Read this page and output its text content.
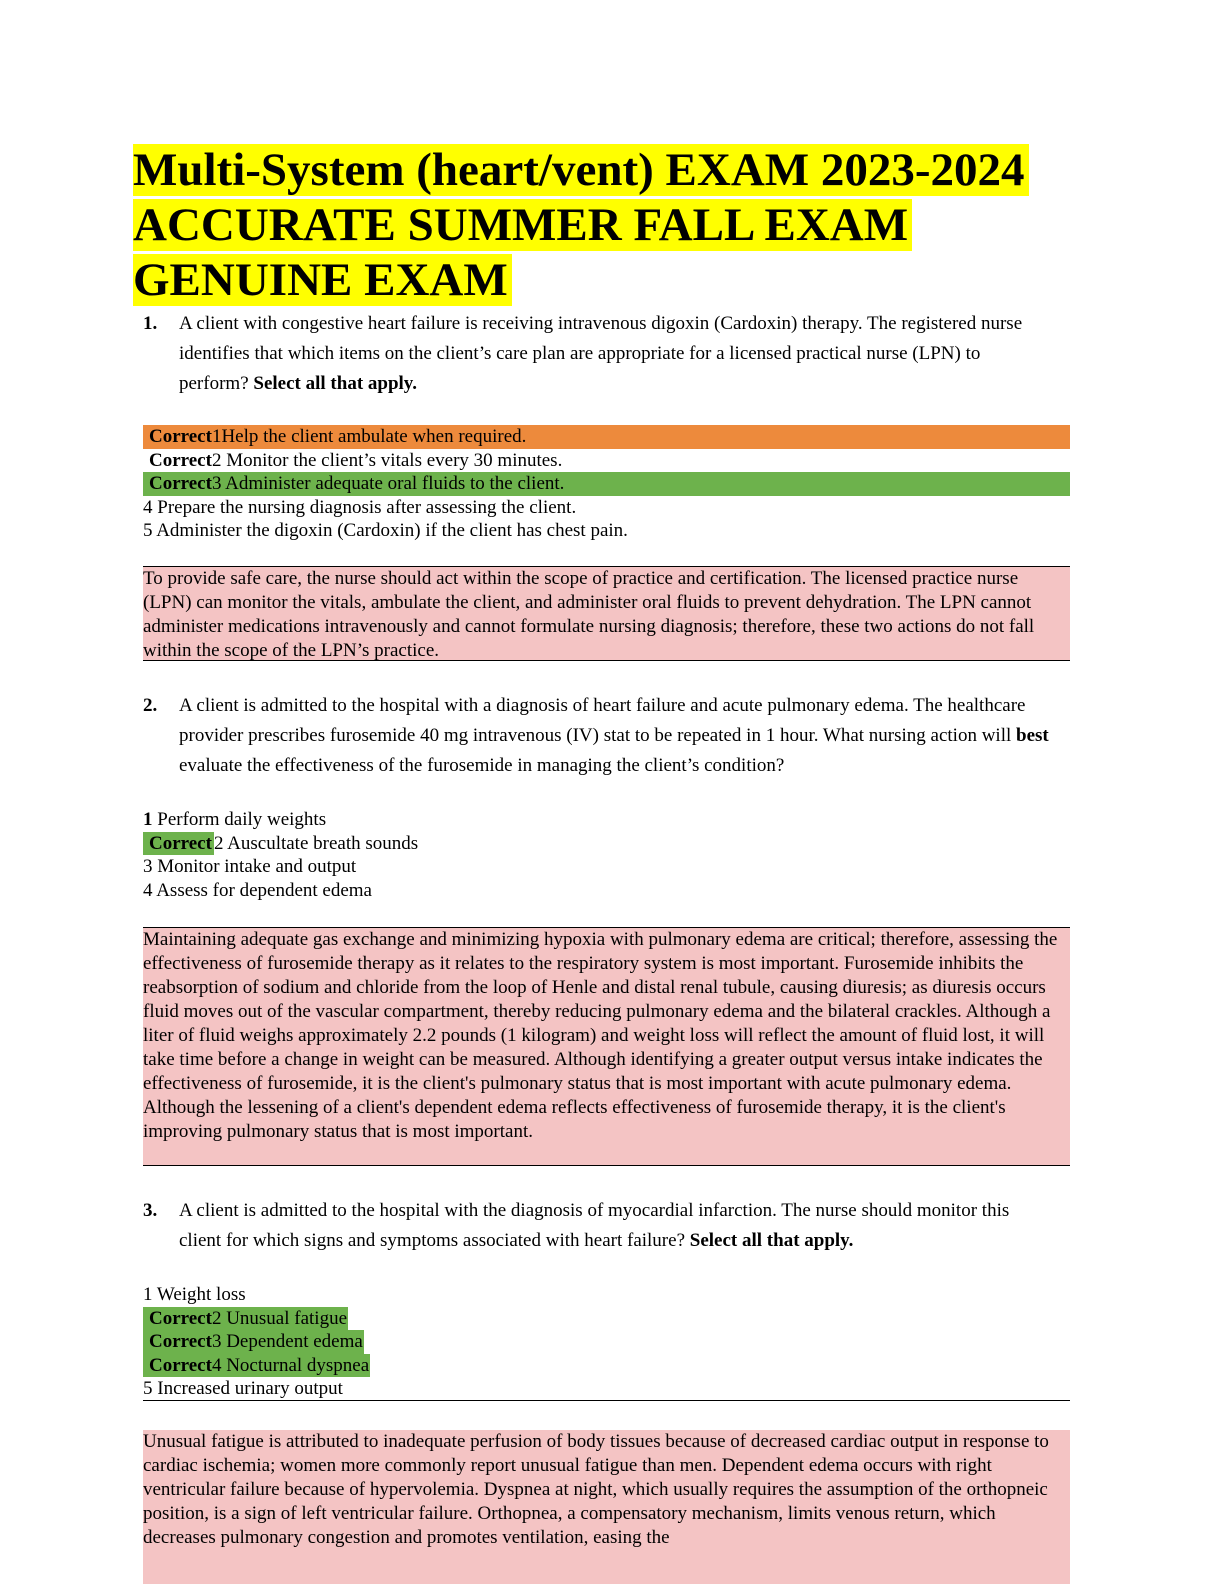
Multi-System (heart/vent) EXAM 2023-2024
ACCURATE SUMMER FALL EXAM
GENUINE EXAM
1. A client with congestive heart failure is receiving intravenous digoxin (Cardoxin) therapy. The registered nurse identifies that which items on the client’s care plan are appropriate for a licensed practical nurse (LPN) to perform? Select all that apply.
Correct1Help the client ambulate when required.
Correct2 Monitor the client’s vitals every 30 minutes.
Correct3 Administer adequate oral fluids to the client.
4 Prepare the nursing diagnosis after assessing the client.
5 Administer the digoxin (Cardoxin) if the client has chest pain.
To provide safe care, the nurse should act within the scope of practice and certification. The licensed practice nurse (LPN) can monitor the vitals, ambulate the client, and administer oral fluids to prevent dehydration. The LPN cannot administer medications intravenously and cannot formulate nursing diagnosis; therefore, these two actions do not fall within the scope of the LPN’s practice.
2. A client is admitted to the hospital with a diagnosis of heart failure and acute pulmonary edema. The healthcare provider prescribes furosemide 40 mg intravenous (IV) stat to be repeated in 1 hour. What nursing action will best evaluate the effectiveness of the furosemide in managing the client’s condition?
1 Perform daily weights
Correct 2 Auscultate breath sounds
3 Monitor intake and output
4 Assess for dependent edema
Maintaining adequate gas exchange and minimizing hypoxia with pulmonary edema are critical; therefore, assessing the effectiveness of furosemide therapy as it relates to the respiratory system is most important. Furosemide inhibits the reabsorption of sodium and chloride from the loop of Henle and distal renal tubule, causing diuresis; as diuresis occurs fluid moves out of the vascular compartment, thereby reducing pulmonary edema and the bilateral crackles. Although a liter of fluid weighs approximately 2.2 pounds (1 kilogram) and weight loss will reflect the amount of fluid lost, it will take time before a change in weight can be measured. Although identifying a greater output versus intake indicates the effectiveness of furosemide, it is the client's pulmonary status that is most important with acute pulmonary edema. Although the lessening of a client's dependent edema reflects effectiveness of furosemide therapy, it is the client's improving pulmonary status that is most important.
3. A client is admitted to the hospital with the diagnosis of myocardial infarction. The nurse should monitor this client for which signs and symptoms associated with heart failure? Select all that apply.
1 Weight loss
Correct2 Unusual fatigue
Correct3 Dependent edema
Correct4 Nocturnal dyspnea
5 Increased urinary output
Unusual fatigue is attributed to inadequate perfusion of body tissues because of decreased cardiac output in response to cardiac ischemia; women more commonly report unusual fatigue than men. Dependent edema occurs with right ventricular failure because of hypervolemia. Dyspnea at night, which usually requires the assumption of the orthopneic position, is a sign of left ventricular failure. Orthopnea, a compensatory mechanism, limits venous return, which decreases pulmonary congestion and promotes ventilation, easing the
